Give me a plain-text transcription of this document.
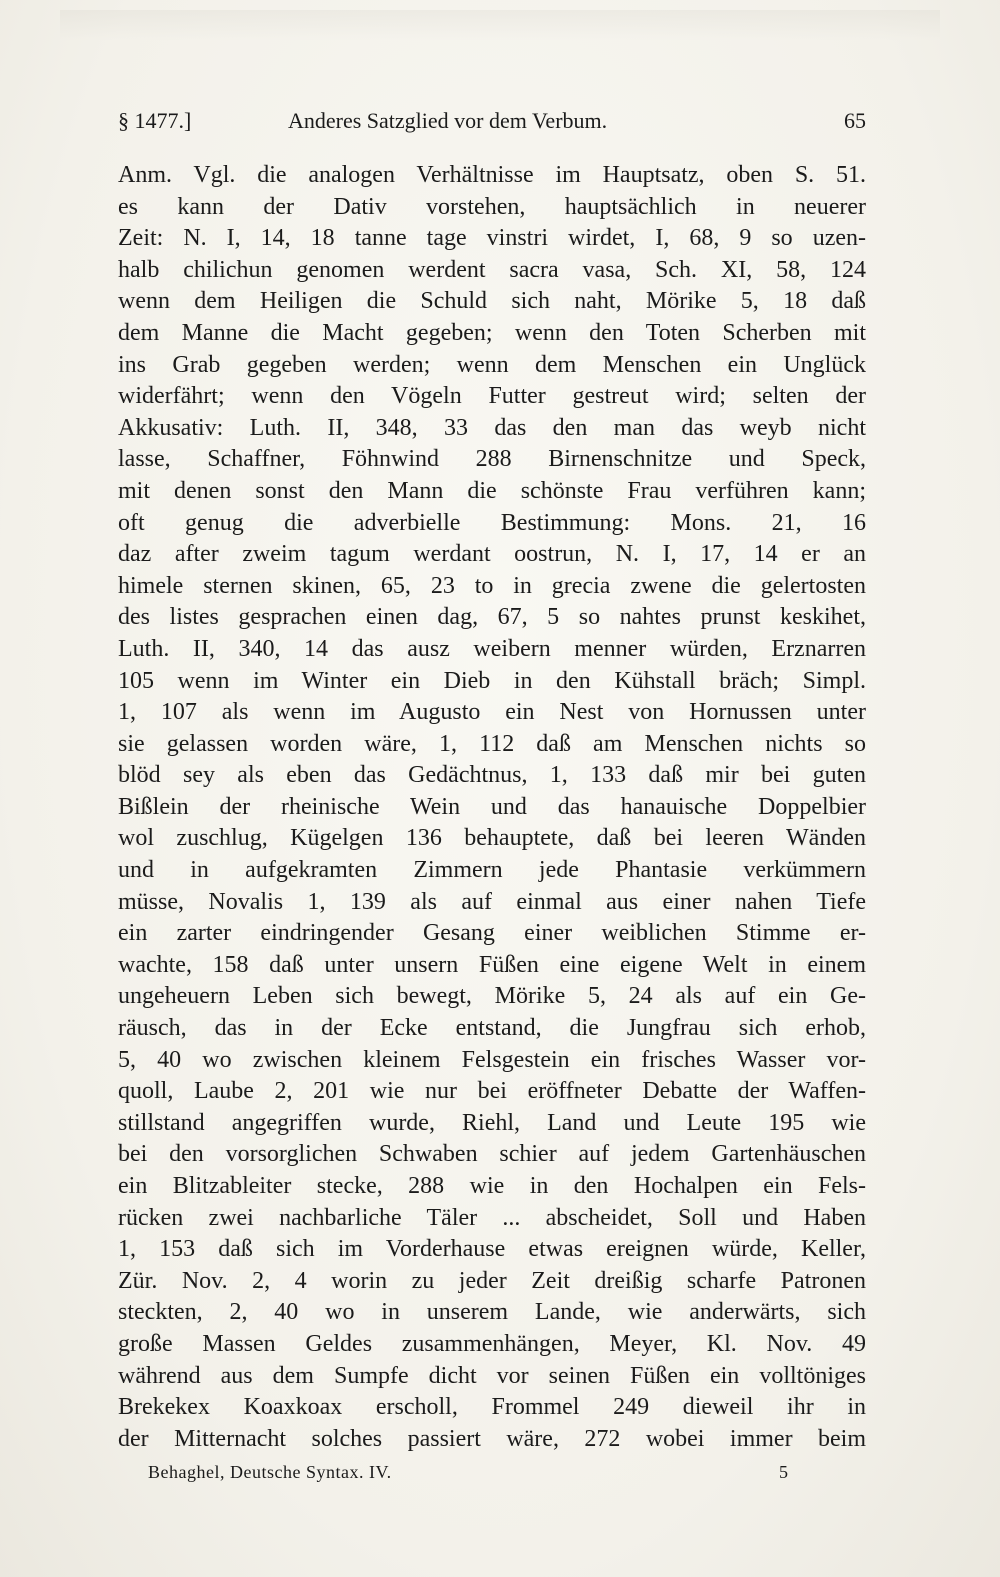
§ 1477.]	Anderes Satzglied vor dem Verbum.	65
Anm. Vgl. die analogen Verhältnisse im Hauptsatz, oben S. 51.
es kann der Dativ vorstehen, hauptsächlich in neuerer
Zeit: N. I, 14, 18 tanne tage vinstri wirdet, I, 68, 9 so uzen-
halb chilichun genomen werdent sacra vasa, Sch. XI, 58, 124
wenn dem Heiligen die Schuld sich naht, Mörike 5, 18 daß
dem Manne die Macht gegeben; wenn den Toten Scherben mit
ins Grab gegeben werden; wenn dem Menschen ein Unglück
widerfährt; wenn den Vögeln Futter gestreut wird; selten der
Akkusativ: Luth. II, 348, 33 das den man das weyb nicht
lasse, Schaffner, Föhnwind 288 Birnenschnitze und Speck,
mit denen sonst den Mann die schönste Frau verführen kann;
oft genug die adverbielle Bestimmung: Mons. 21, 16
daz after zweim tagum werdant oostrun, N. I, 17, 14 er an
himele sternen skinen, 65, 23 to in grecia zwene die gelertosten
des listes gesprachen einen dag, 67, 5 so nahtes prunst keskihet,
Luth. II, 340, 14 das ausz weibern menner würden, Erznarren
105 wenn im Winter ein Dieb in den Kühstall bräch; Simpl.
1, 107 als wenn im Augusto ein Nest von Hornussen unter
sie gelassen worden wäre, 1, 112 daß am Menschen nichts so
blöd sey als eben das Gedächtnus, 1, 133 daß mir bei guten
Bißlein der rheinische Wein und das hanauische Doppelbier
wol zuschlug, Kügelgen 136 behauptete, daß bei leeren Wänden
und in aufgekramten Zimmern jede Phantasie verkümmern
müsse, Novalis 1, 139 als auf einmal aus einer nahen Tiefe
ein zarter eindringender Gesang einer weiblichen Stimme er-
wachte, 158 daß unter unsern Füßen eine eigene Welt in einem
ungeheuern Leben sich bewegt, Mörike 5, 24 als auf ein Ge-
räusch, das in der Ecke entstand, die Jungfrau sich erhob,
5, 40 wo zwischen kleinem Felsgestein ein frisches Wasser vor-
quoll, Laube 2, 201 wie nur bei eröffneter Debatte der Waffen-
stillstand angegriffen wurde, Riehl, Land und Leute 195 wie
bei den vorsorglichen Schwaben schier auf jedem Gartenhäuschen
ein Blitzableiter stecke, 288 wie in den Hochalpen ein Fels-
rücken zwei nachbarliche Täler ... abscheidet, Soll und Haben
1, 153 daß sich im Vorderhause etwas ereignen würde, Keller,
Zür. Nov. 2, 4 worin zu jeder Zeit dreißig scharfe Patronen
steckten, 2, 40 wo in unserem Lande, wie anderwärts, sich
große Massen Geldes zusammenhängen, Meyer, Kl. Nov. 49
während aus dem Sumpfe dicht vor seinen Füßen ein volltöniges
Brekekex Koaxkoax erscholl, Frommel 249 dieweil ihr in
der Mitternacht solches passiert wäre, 272 wobei immer beim
Behaghel, Deutsche Syntax. IV.	5
